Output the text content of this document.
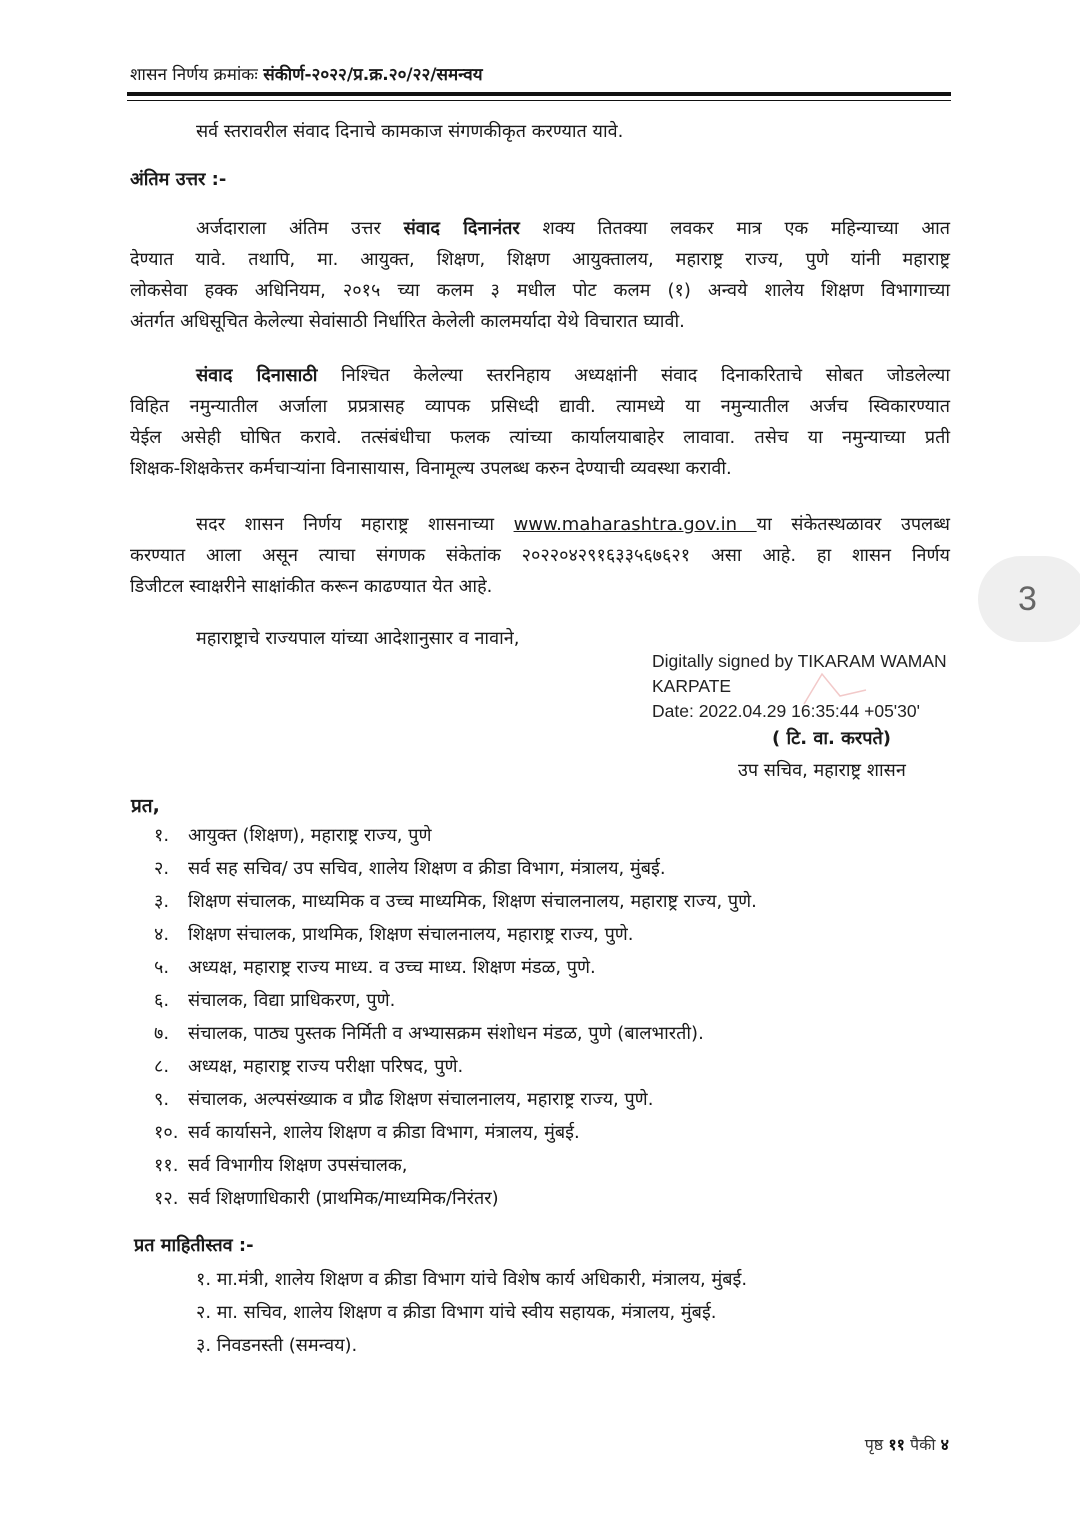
शासन निर्णय क्रमांकः संकीर्ण-२०२२/प्र.क्र.२०/२२/समन्वय
सर्व स्तरावरील संवाद दिनाचे कामकाज संगणकीकृत करण्यात यावे.
अंतिम उत्तर :-
अर्जदाराला अंतिम उत्तर संवाद दिनानंतर शक्य तितक्या लवकर मात्र एक महिन्याच्या आत
देण्यात यावे. तथापि, मा. आयुक्त, शिक्षण, शिक्षण आयुक्तालय, महाराष्ट्र राज्य, पुणे यांनी महाराष्ट्र
लोकसेवा हक्क अधिनियम, २०१५ च्या कलम ३ मधील पोट कलम (१) अन्वये शालेय शिक्षण विभागाच्या
अंतर्गत अधिसूचित केलेल्या सेवांसाठी निर्धारित केलेली कालमर्यादा येथे विचारात घ्यावी.
संवाद दिनासाठी निश्चित केलेल्या स्तरनिहाय अध्यक्षांनी संवाद दिनाकरिताचे सोबत जोडलेल्या
विहित नमुन्यातील अर्जाला प्रप्रत्रासह व्यापक प्रसिध्दी द्यावी. त्यामध्ये या नमुन्यातील अर्जच स्विकारण्यात
येईल असेही घोषित करावे. तत्संबंधीचा फलक त्यांच्या कार्यालयाबाहेर लावावा. तसेच या नमुन्याच्या प्रती
शिक्षक-शिक्षकेत्तर कर्मचाऱ्यांना विनासायास, विनामूल्य उपलब्ध करुन देण्याची व्यवस्था करावी.
सदर शासन निर्णय महाराष्ट्र शासनाच्या www.maharashtra.gov.in या संकेतस्थळावर उपलब्ध
करण्यात आला असून त्याचा संगणक संकेतांक २०२२०४२९१६३३५६७६२१ असा आहे. हा शासन निर्णय
डिजीटल स्वाक्षरीने साक्षांकीत करून काढण्यात येत आहे.	3
महाराष्ट्राचे राज्यपाल यांच्या आदेशानुसार व नावाने,
Digitally signed by TIKARAM WAMAN
KARPATE
Date: 2022.04.29 16:35:44 +05'30'
( टि. वा. करपते)
उप सचिव, महाराष्ट्र शासन
प्रत,
१. आयुक्त (शिक्षण), महाराष्ट्र राज्य, पुणे
२. सर्व सह सचिव/ उप सचिव, शालेय शिक्षण व क्रीडा विभाग, मंत्रालय, मुंबई.
३. शिक्षण संचालक, माध्यमिक व उच्च माध्यमिक, शिक्षण संचालनालय, महाराष्ट्र राज्य, पुणे.
४. शिक्षण संचालक, प्राथमिक, शिक्षण संचालनालय, महाराष्ट्र राज्य, पुणे.
५. अध्यक्ष, महाराष्ट्र राज्य माध्य. व उच्च माध्य. शिक्षण मंडळ, पुणे.
६. संचालक, विद्या प्राधिकरण, पुणे.
७. संचालक, पाठ्य पुस्तक निर्मिती व अभ्यासक्रम संशोधन मंडळ, पुणे (बालभारती).
८. अध्यक्ष, महाराष्ट्र राज्य परीक्षा परिषद, पुणे.
९. संचालक, अल्पसंख्याक व प्रौढ शिक्षण संचालनालय, महाराष्ट्र राज्य, पुणे.
१०. सर्व कार्यासने, शालेय शिक्षण व क्रीडा विभाग, मंत्रालय, मुंबई.
११. सर्व विभागीय शिक्षण उपसंचालक,
१२. सर्व शिक्षणाधिकारी (प्राथमिक/माध्यमिक/निरंतर)
प्रत माहितीस्तव :-
१. मा.मंत्री, शालेय शिक्षण व क्रीडा विभाग यांचे विशेष कार्य अधिकारी, मंत्रालय, मुंबई.
२. मा. सचिव, शालेय शिक्षण व क्रीडा विभाग यांचे स्वीय सहायक, मंत्रालय, मुंबई.
३. निवडनस्ती (समन्वय).
पृष्ठ ११ पैकी ४
